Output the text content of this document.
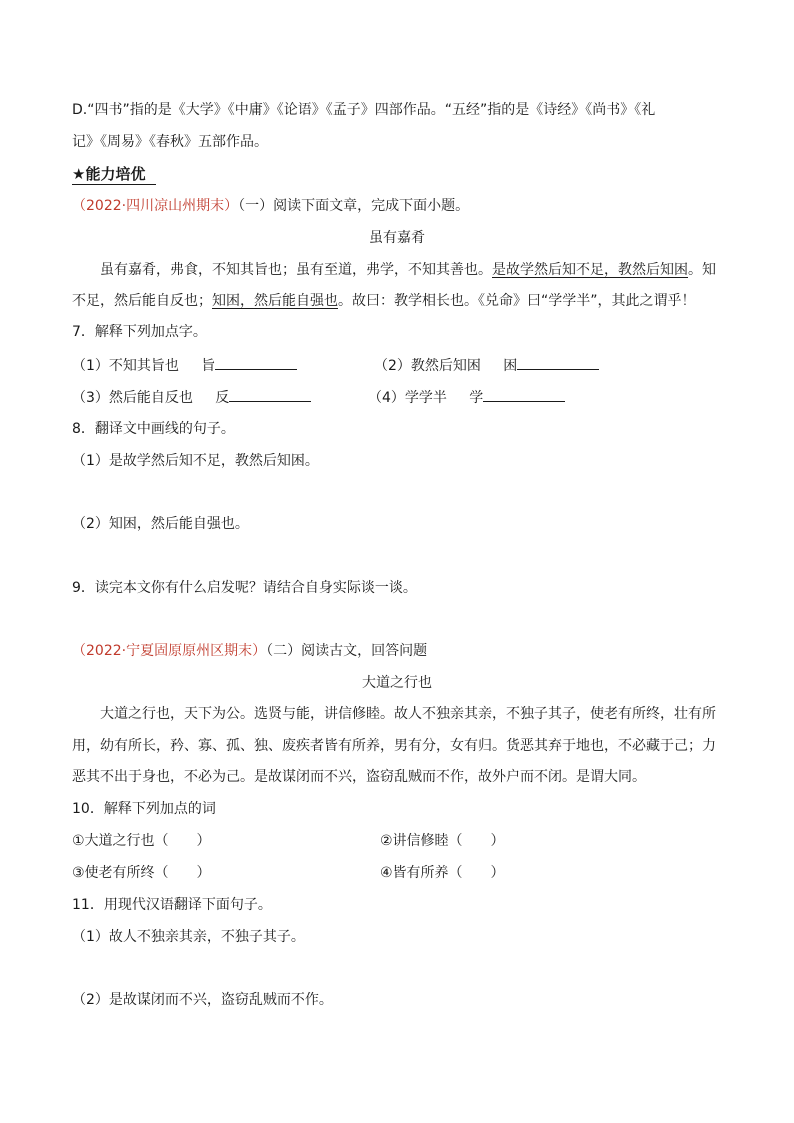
D.“四书”指的是《大学》《中庸》《论语》《孟子》四部作品。“五经”指的是《诗经》《尚书》《礼
记》《周易》《春秋》五部作品。
★能力培优
（2022·四川凉山州期末）（一）阅读下面文章，完成下面小题。
虽有嘉肴
虽有嘉肴，弗食，不知其旨也；虽有至道，弗学，不知其善也。是故学然后知不足，教然后知困。知
不足，然后能自反也；知困，然后能自强也。故曰：教学相长也。《兑命》曰“学学半”，其此之谓乎！
7．解释下列加点字。
（1）不知其旨也 旨	（2）教然后知困 困
（3）然后能自反也 反	（4）学学半 学
8．翻译文中画线的句子。
（1）是故学然后知不足，教然后知困。
（2）知困，然后能自强也。
9．读完本文你有什么启发呢？请结合自身实际谈一谈。
（2022·宁夏固原原州区期末）（二）阅读古文，回答问题
大道之行也
大道之行也，天下为公。选贤与能，讲信修睦。故人不独亲其亲，不独子其子，使老有所终，壮有所
用，幼有所长，矜、寡、孤、独、废疾者皆有所养，男有分，女有归。货恶其弃于地也，不必藏于己；力
恶其不出于身也，不必为己。是故谋闭而不兴，盗窃乱贼而不作，故外户而不闭。是谓大同。
10．解释下列加点的词
①大道之行也（　　）	②讲信修睦（　　）
③使老有所终（　　）	④皆有所养（　　）
11．用现代汉语翻译下面句子。
（1）故人不独亲其亲，不独子其子。
（2）是故谋闭而不兴，盗窃乱贼而不作。
